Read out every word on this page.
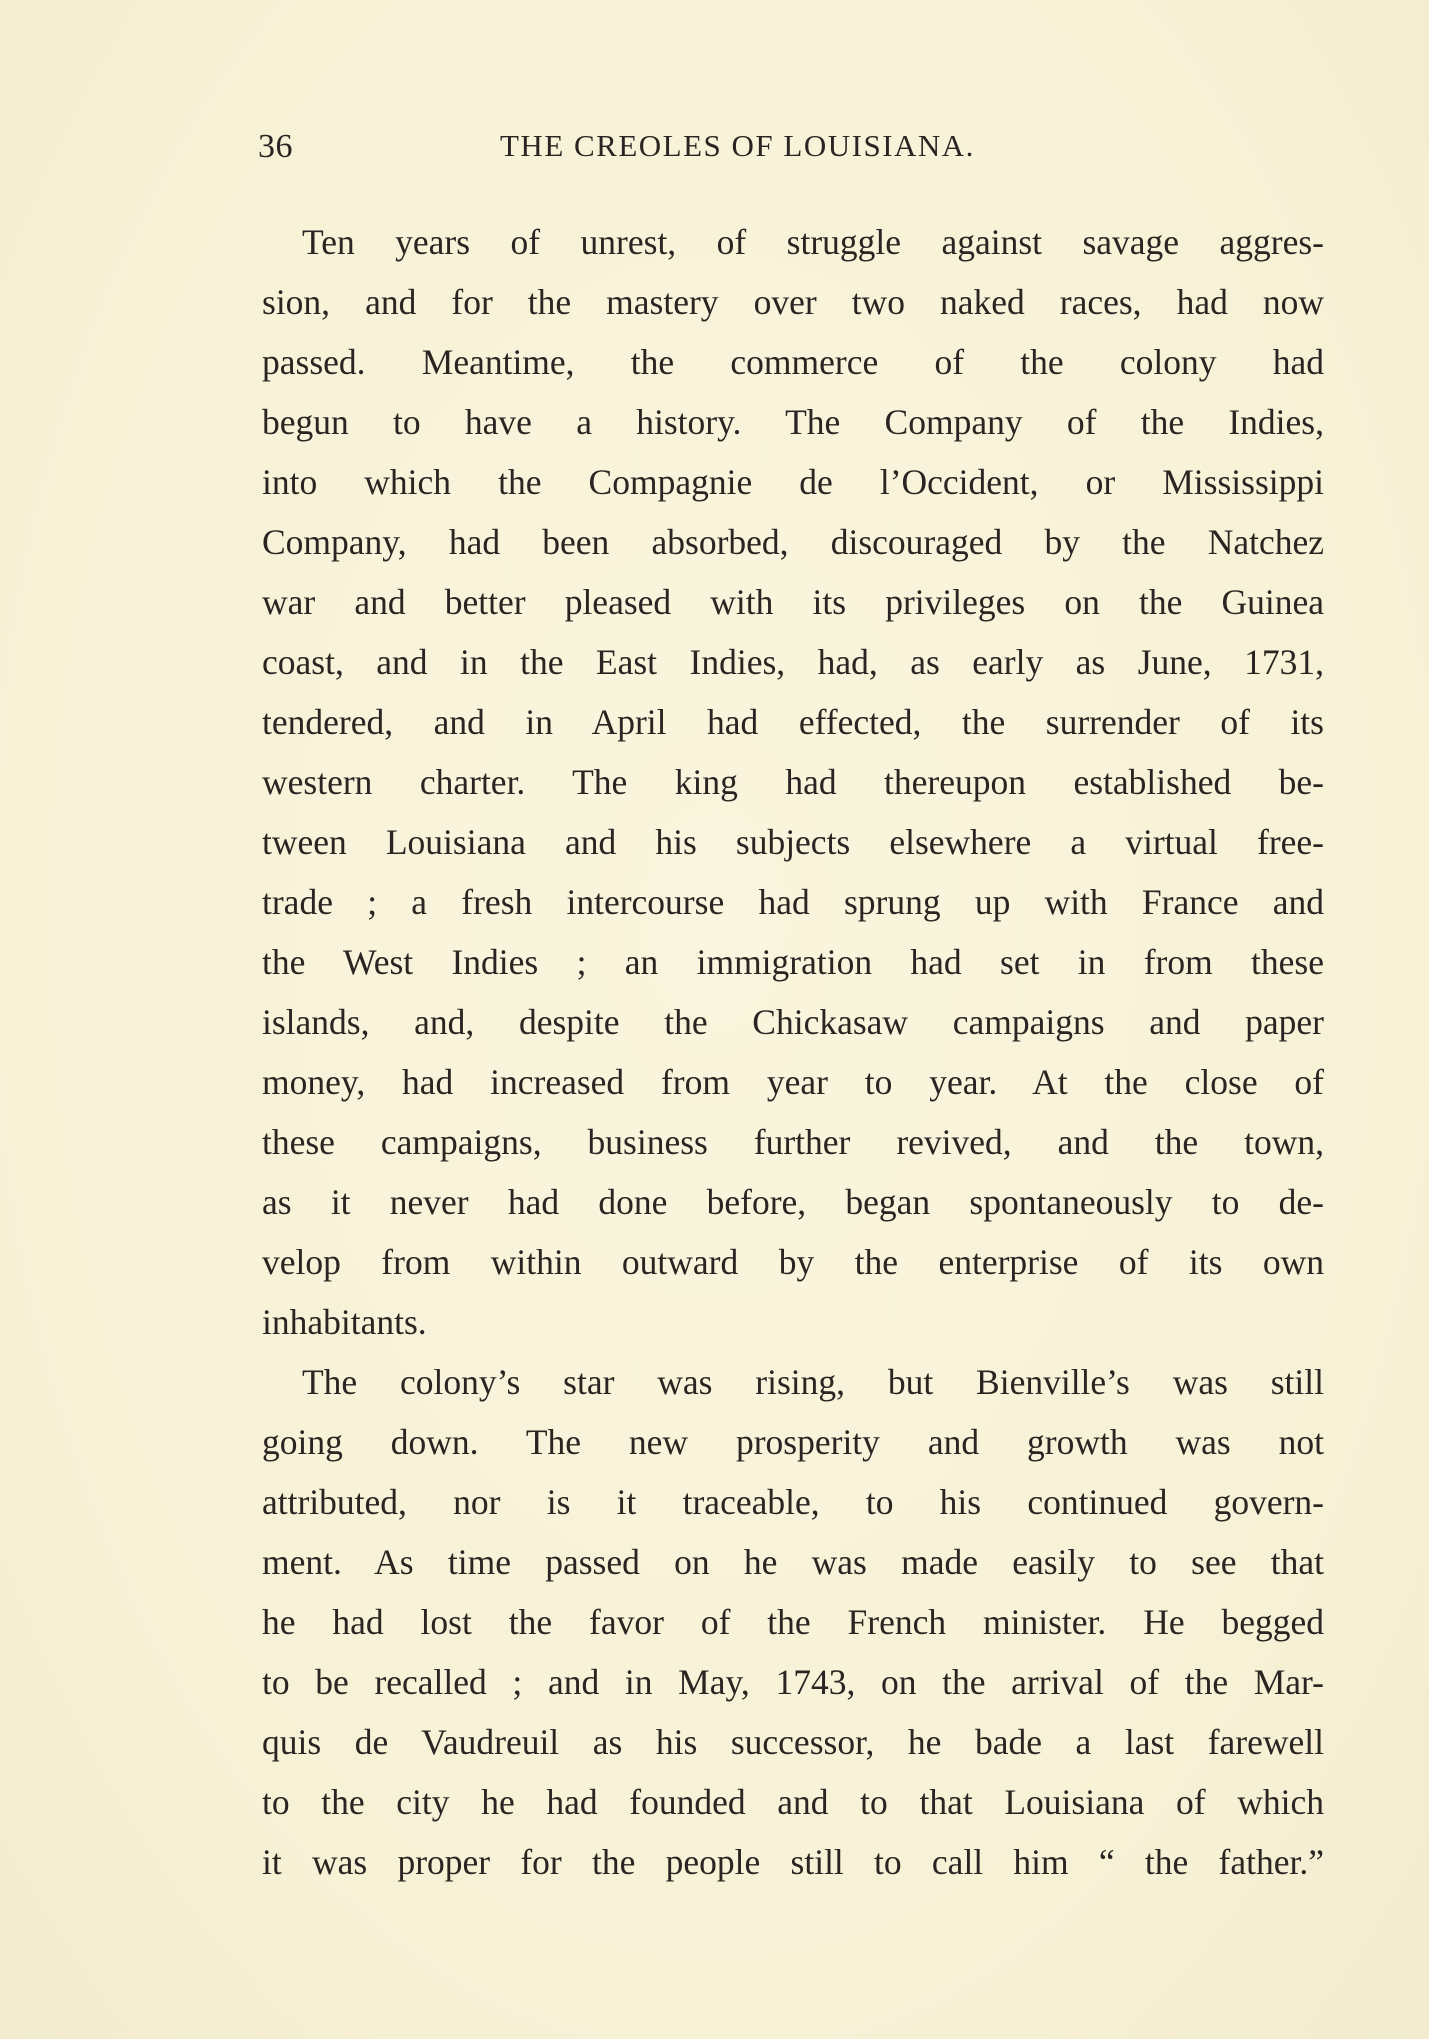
36	THE CREOLES OF LOUISIANA.
Ten years of unrest, of struggle against savage aggres-
sion, and for the mastery over two naked races, had now
passed. Meantime, the commerce of the colony had
begun to have a history. The Company of the Indies,
into which the Compagnie de l’Occident, or Mississippi
Company, had been absorbed, discouraged by the Natchez
war and better pleased with its privileges on the Guinea
coast, and in the East Indies, had, as early as June, 1731,
tendered, and in April had effected, the surrender of its
western charter. The king had thereupon established be-
tween Louisiana and his subjects elsewhere a virtual free-
trade ; a fresh intercourse had sprung up with France and
the West Indies ; an immigration had set in from these
islands, and, despite the Chickasaw campaigns and paper
money, had increased from year to year. At the close of
these campaigns, business further revived, and the town,
as it never had done before, began spontaneously to de-
velop from within outward by the enterprise of its own
inhabitants.
The colony’s star was rising, but Bienville’s was still
going down. The new prosperity and growth was not
attributed, nor is it traceable, to his continued govern-
ment. As time passed on he was made easily to see that
he had lost the favor of the French minister. He begged
to be recalled ; and in May, 1743, on the arrival of the Mar-
quis de Vaudreuil as his successor, he bade a last farewell
to the city he had founded and to that Louisiana of which
it was proper for the people still to call him “ the father.”
